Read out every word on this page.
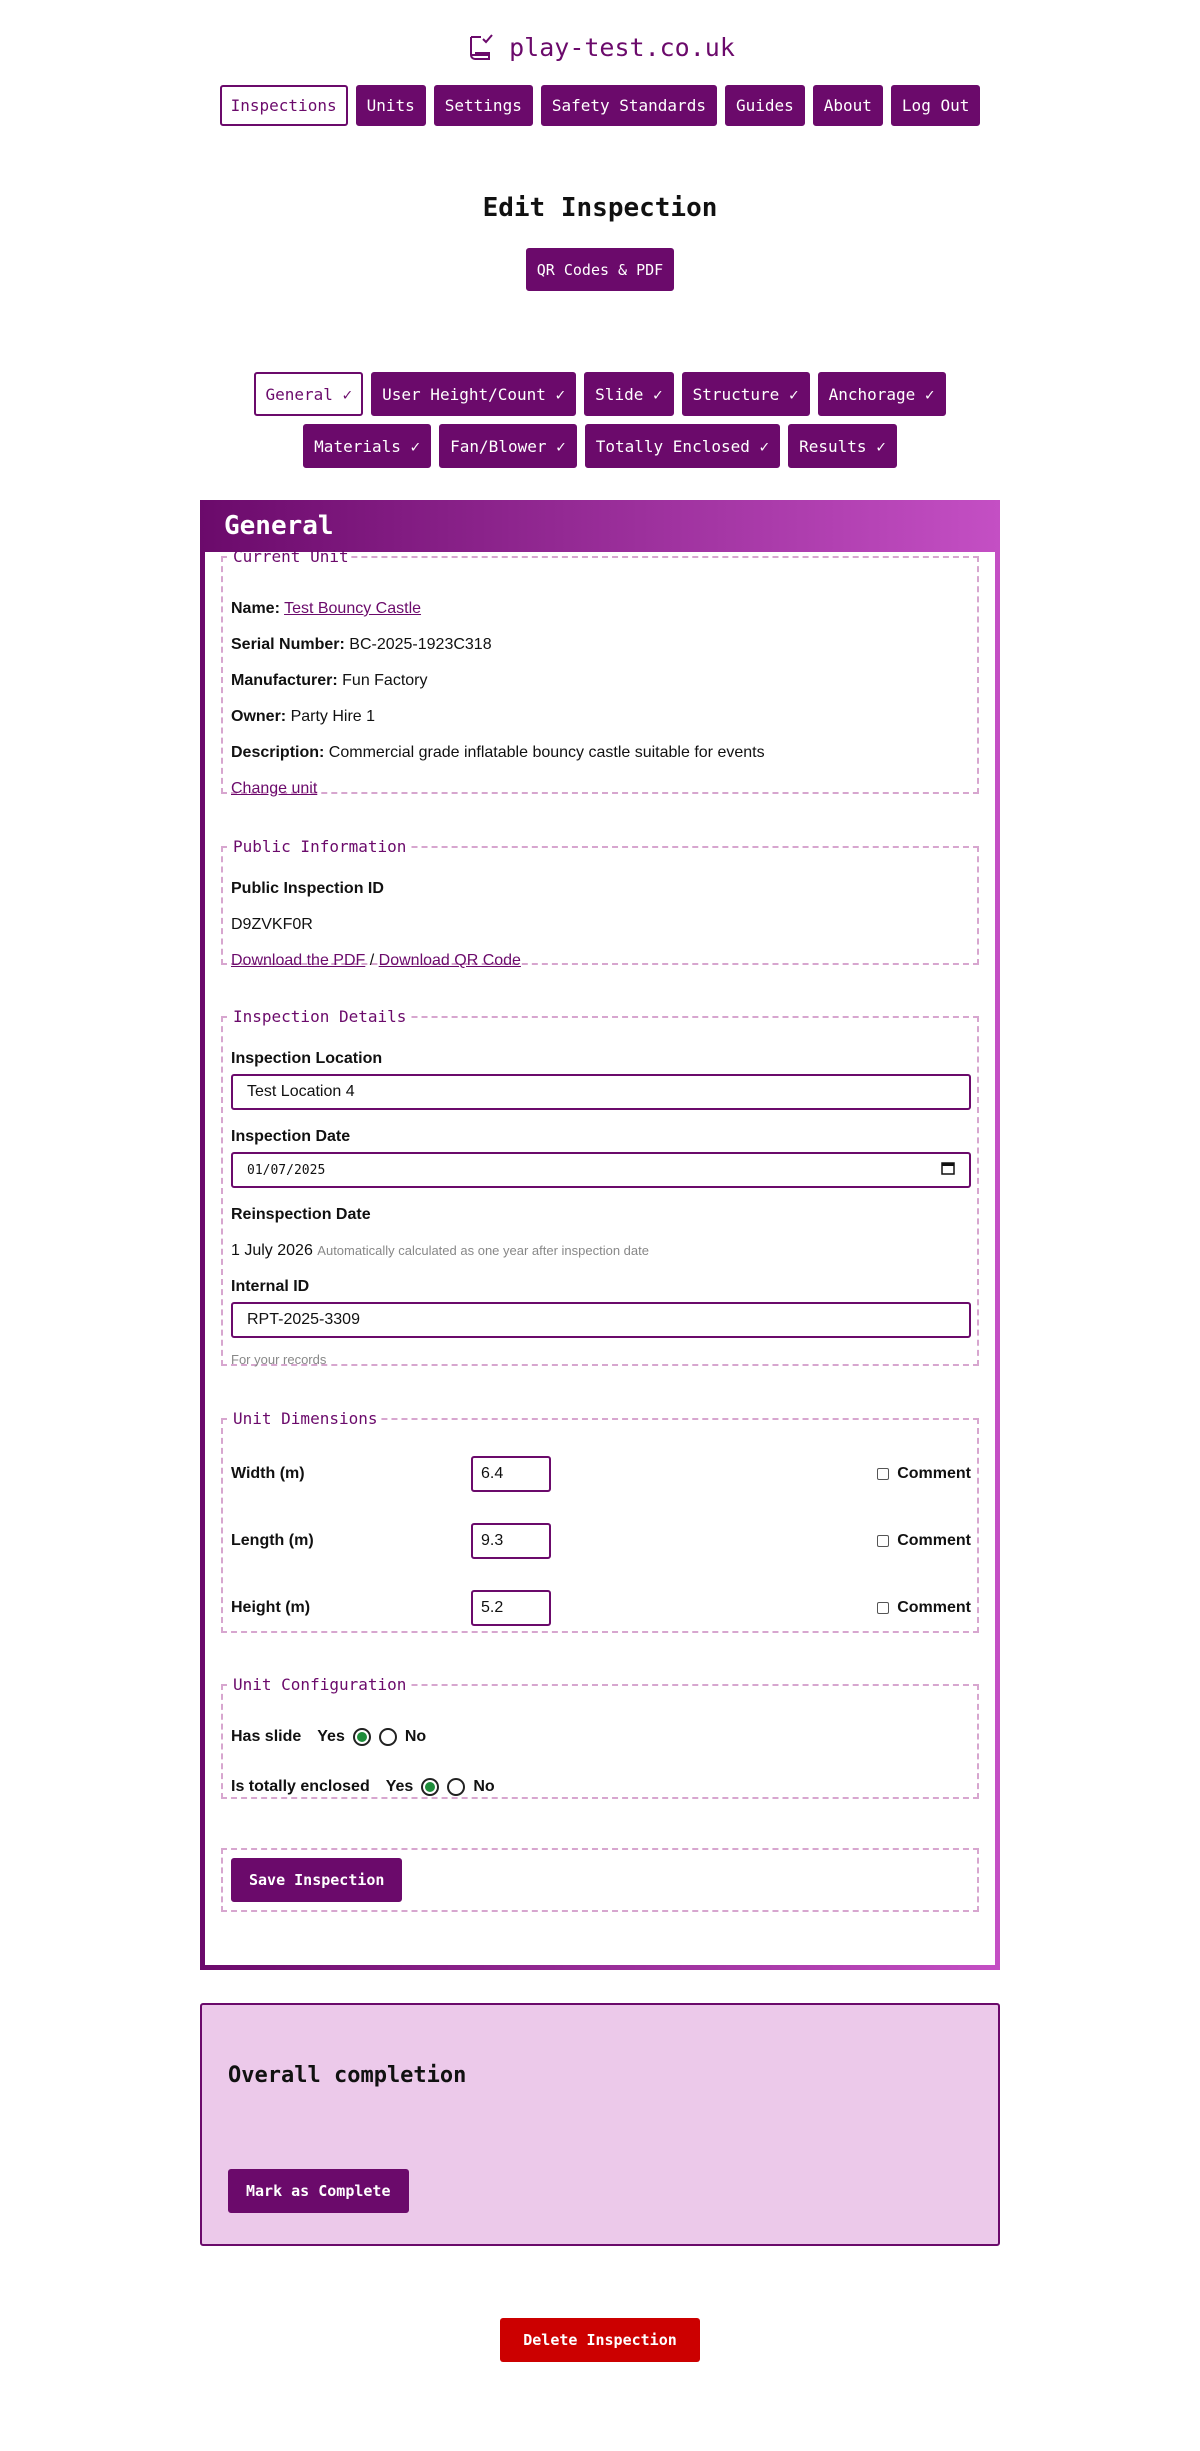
play-test.co.uk
Inspections	Units	Settings	Safety Standards	Guides	About	Log Out
Edit Inspection
QR Codes & PDF
General ✓	User Height/Count ✓	Slide ✓	Structure ✓	Anchorage ✓
Materials ✓	Fan/Blower ✓	Totally Enclosed ✓	Results ✓
General
Current Unit

Name: Test Bouncy Castle

Serial Number: BC-2025-1923C318

Manufacturer: Fun Factory

Owner: Party Hire 1

Description: Commercial grade inflatable bouncy castle suitable for events

Change unit

Public Information

Public Inspection ID

D9ZVKF0R

Download the PDF / Download QR Code

Inspection Details
Inspection Location
Test Location 4
Inspection Date
01/07/2025
Reinspection Date

1 July 2026 Automatically calculated as one year after inspection date

Internal ID
RPT-2025-3309
For your records
Unit Dimensions
Width (m)	6.4	Comment
Length (m)	9.3	Comment
Height (m)	5.2	Comment
Unit Configuration
Has slide Yes	No
Is totally enclosed Yes	No
Save Inspection
Overall completion
Mark as Complete
Delete Inspection
